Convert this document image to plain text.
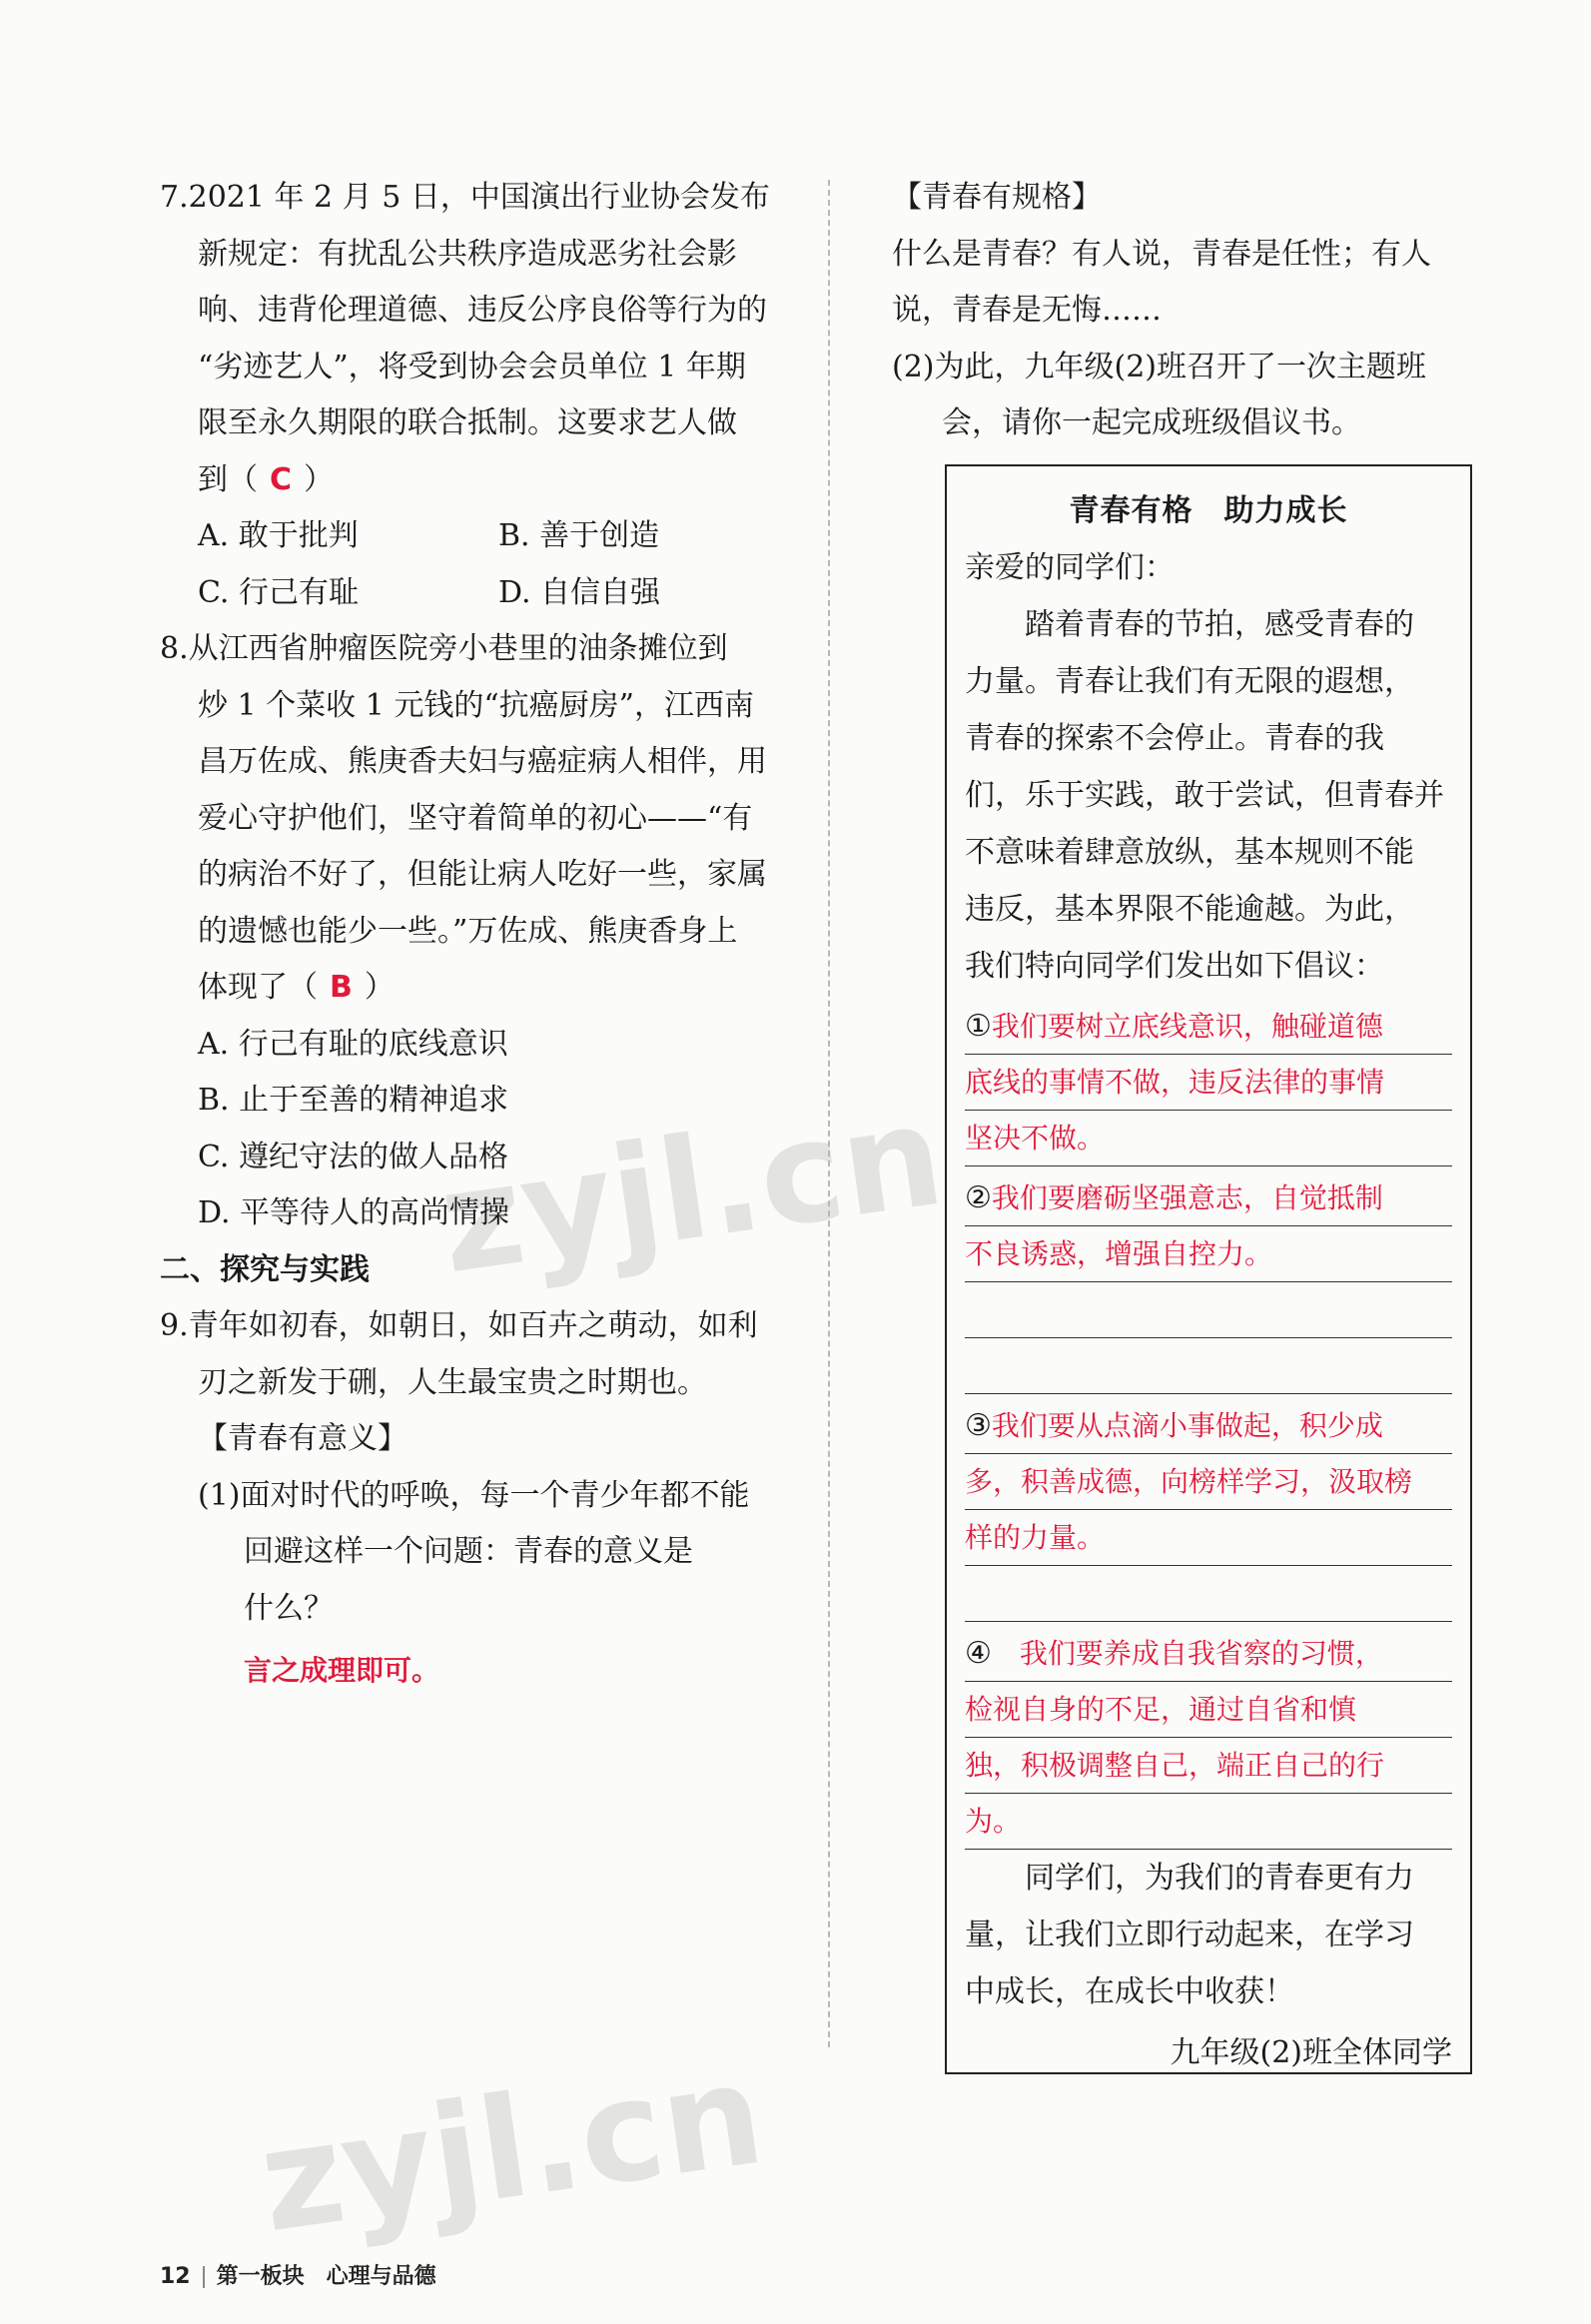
zyjl.cn
zyjl.cn

7.2021 年 2 月 5 日，中国演出行业协会发布

新规定：有扰乱公共秩序造成恶劣社会影

响、违背伦理道德、违反公序良俗等行为的

“劣迹艺人”，将受到协会会员单位 1 年期

限至永久期限的联合抵制。这要求艺人做

到（ C ）

A. 敢于批判	B. 善于创造
C. 行己有耻	D. 自信自强

8.从江西省肿瘤医院旁小巷里的油条摊位到

炒 1 个菜收 1 元钱的“抗癌厨房”，江西南

昌万佐成、熊庚香夫妇与癌症病人相伴，用

爱心守护他们，坚守着简单的初心——“有

的病治不好了，但能让病人吃好一些，家属

的遗憾也能少一些。”万佐成、熊庚香身上

体现了（ B ）

A. 行己有耻的底线意识

B. 止于至善的精神追求

C. 遵纪守法的做人品格

D. 平等待人的高尚情操

二、探究与实践

9.青年如初春，如朝日，如百卉之萌动，如利

刃之新发于硎，人生最宝贵之时期也。

【青春有意义】

(1)面对时代的呼唤，每一个青少年都不能

回避这样一个问题：青春的意义是

什么？

言之成理即可。

【青春有规格】

什么是青春？有人说，青春是任性；有人

说，青春是无悔……

(2)为此，九年级(2)班召开了一次主题班

会，请你一起完成班级倡议书。

青春有格　助力成长

亲爱的同学们：

踏着青春的节拍，感受青春的

力量。青春让我们有无限的遐想，

青春的探索不会停止。青春的我

们，乐于实践，敢于尝试，但青春并

不意味着肆意放纵，基本规则不能

违反，基本界限不能逾越。为此，

我们特向同学们发出如下倡议：

①我们要树立底线意识，触碰道德
底线的事情不做，违反法律的事情
坚决不做。
②我们要磨砺坚强意志，自觉抵制
不良诱惑，增强自控力。
③我们要从点滴小事做起，积少成
多，积善成德，向榜样学习，汲取榜
样的力量。
④　我们要养成自我省察的习惯，
检视自身的不足，通过自省和慎
独，积极调整自己，端正自己的行
为。

同学们，为我们的青春更有力

量，让我们立即行动起来，在学习

中成长，在成长中收获！

九年级(2)班全体同学

12 第一板块　心理与品德
